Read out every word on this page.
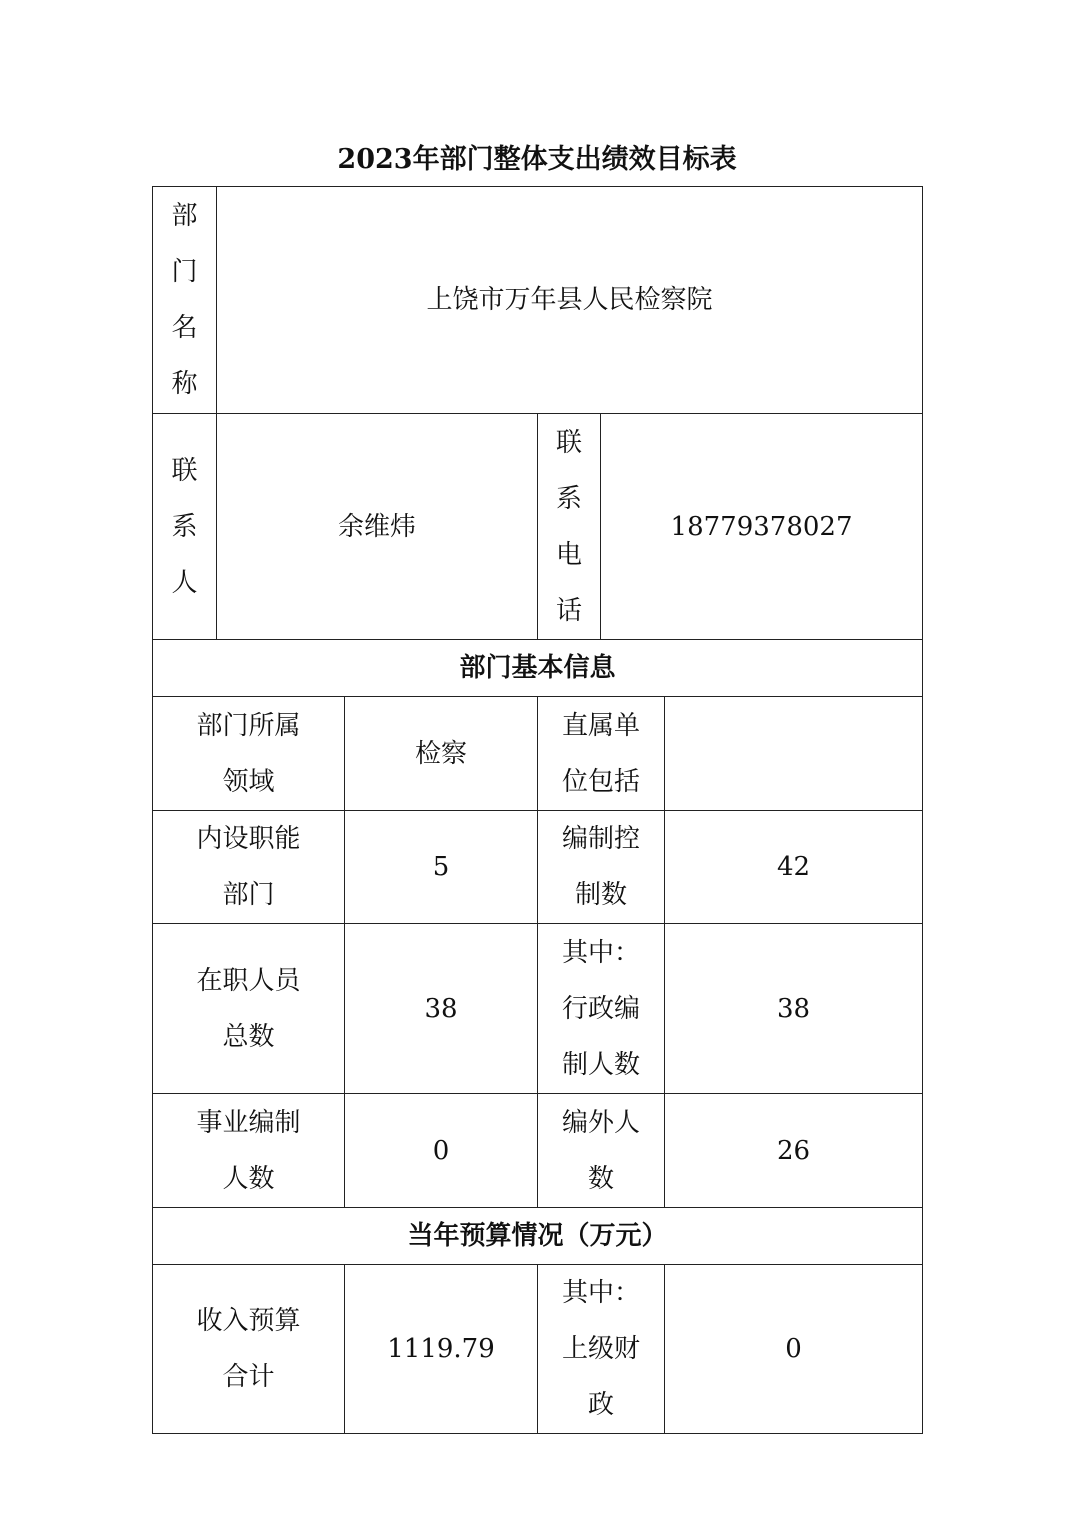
2023年部门整体支出绩效目标表
部门名称	上饶市万年县人民检察院				
联系人	余维炜		联系电话	18779378027	
部门基本信息					
部门所属领域		检察	直属单位包括		
内设职能部门		5	编制控制数		42
在职人员总数		38	其中：行政编制人数		38
事业编制人数		0	编外人数		26
当年预算情况（万元）					
收入预算合计		1119.79	其中：上级财政		0
